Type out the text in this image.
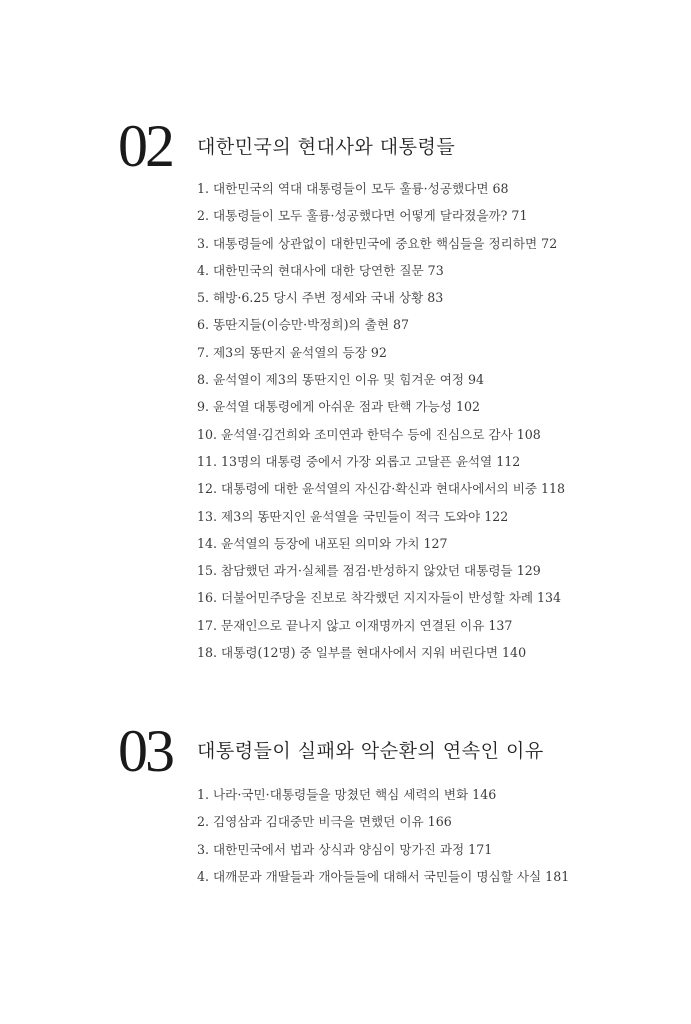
02 대한민국의 현대사와 대통령들
1. 대한민국의 역대 대통령들이 모두 훌륭·성공했다면 68
2. 대통령들이 모두 훌륭·성공했다면 어떻게 달라졌을까? 71
3. 대통령들에 상관없이 대한민국에 중요한 핵심들을 정리하면 72
4. 대한민국의 현대사에 대한 당연한 질문 73
5. 해방·6.25 당시 주변 정세와 국내 상황 83
6. 똥딴지들(이승만·박정희)의 출현 87
7. 제3의 똥딴지 윤석열의 등장 92
8. 윤석열이 제3의 똥딴지인 이유 및 힘겨운 여정 94
9. 윤석열 대통령에게 아쉬운 점과 탄핵 가능성 102
10. 윤석열·김건희와 조미연과 한덕수 등에 진심으로 감사 108
11. 13명의 대통령 중에서 가장 외롭고 고달픈 윤석열 112
12. 대통령에 대한 윤석열의 자신감·확신과 현대사에서의 비중 118
13. 제3의 똥딴지인 윤석열을 국민들이 적극 도와야 122
14. 윤석열의 등장에 내포된 의미와 가치 127
15. 참담했던 과거·실체를 점검·반성하지 않았던 대통령들 129
16. 더불어민주당을 진보로 착각했던 지지자들이 반성할 차례 134
17. 문재인으로 끝나지 않고 이재명까지 연결된 이유 137
18. 대통령(12명) 중 일부를 현대사에서 지워 버린다면 140
03 대통령들이 실패와 악순환의 연속인 이유
1. 나라·국민·대통령들을 망쳤던 핵심 세력의 변화 146
2. 김영삼과 김대중만 비극을 면했던 이유 166
3. 대한민국에서 법과 상식과 양심이 망가진 과정 171
4. 대깨문과 개딸들과 개아들들에 대해서 국민들이 명심할 사실 181
